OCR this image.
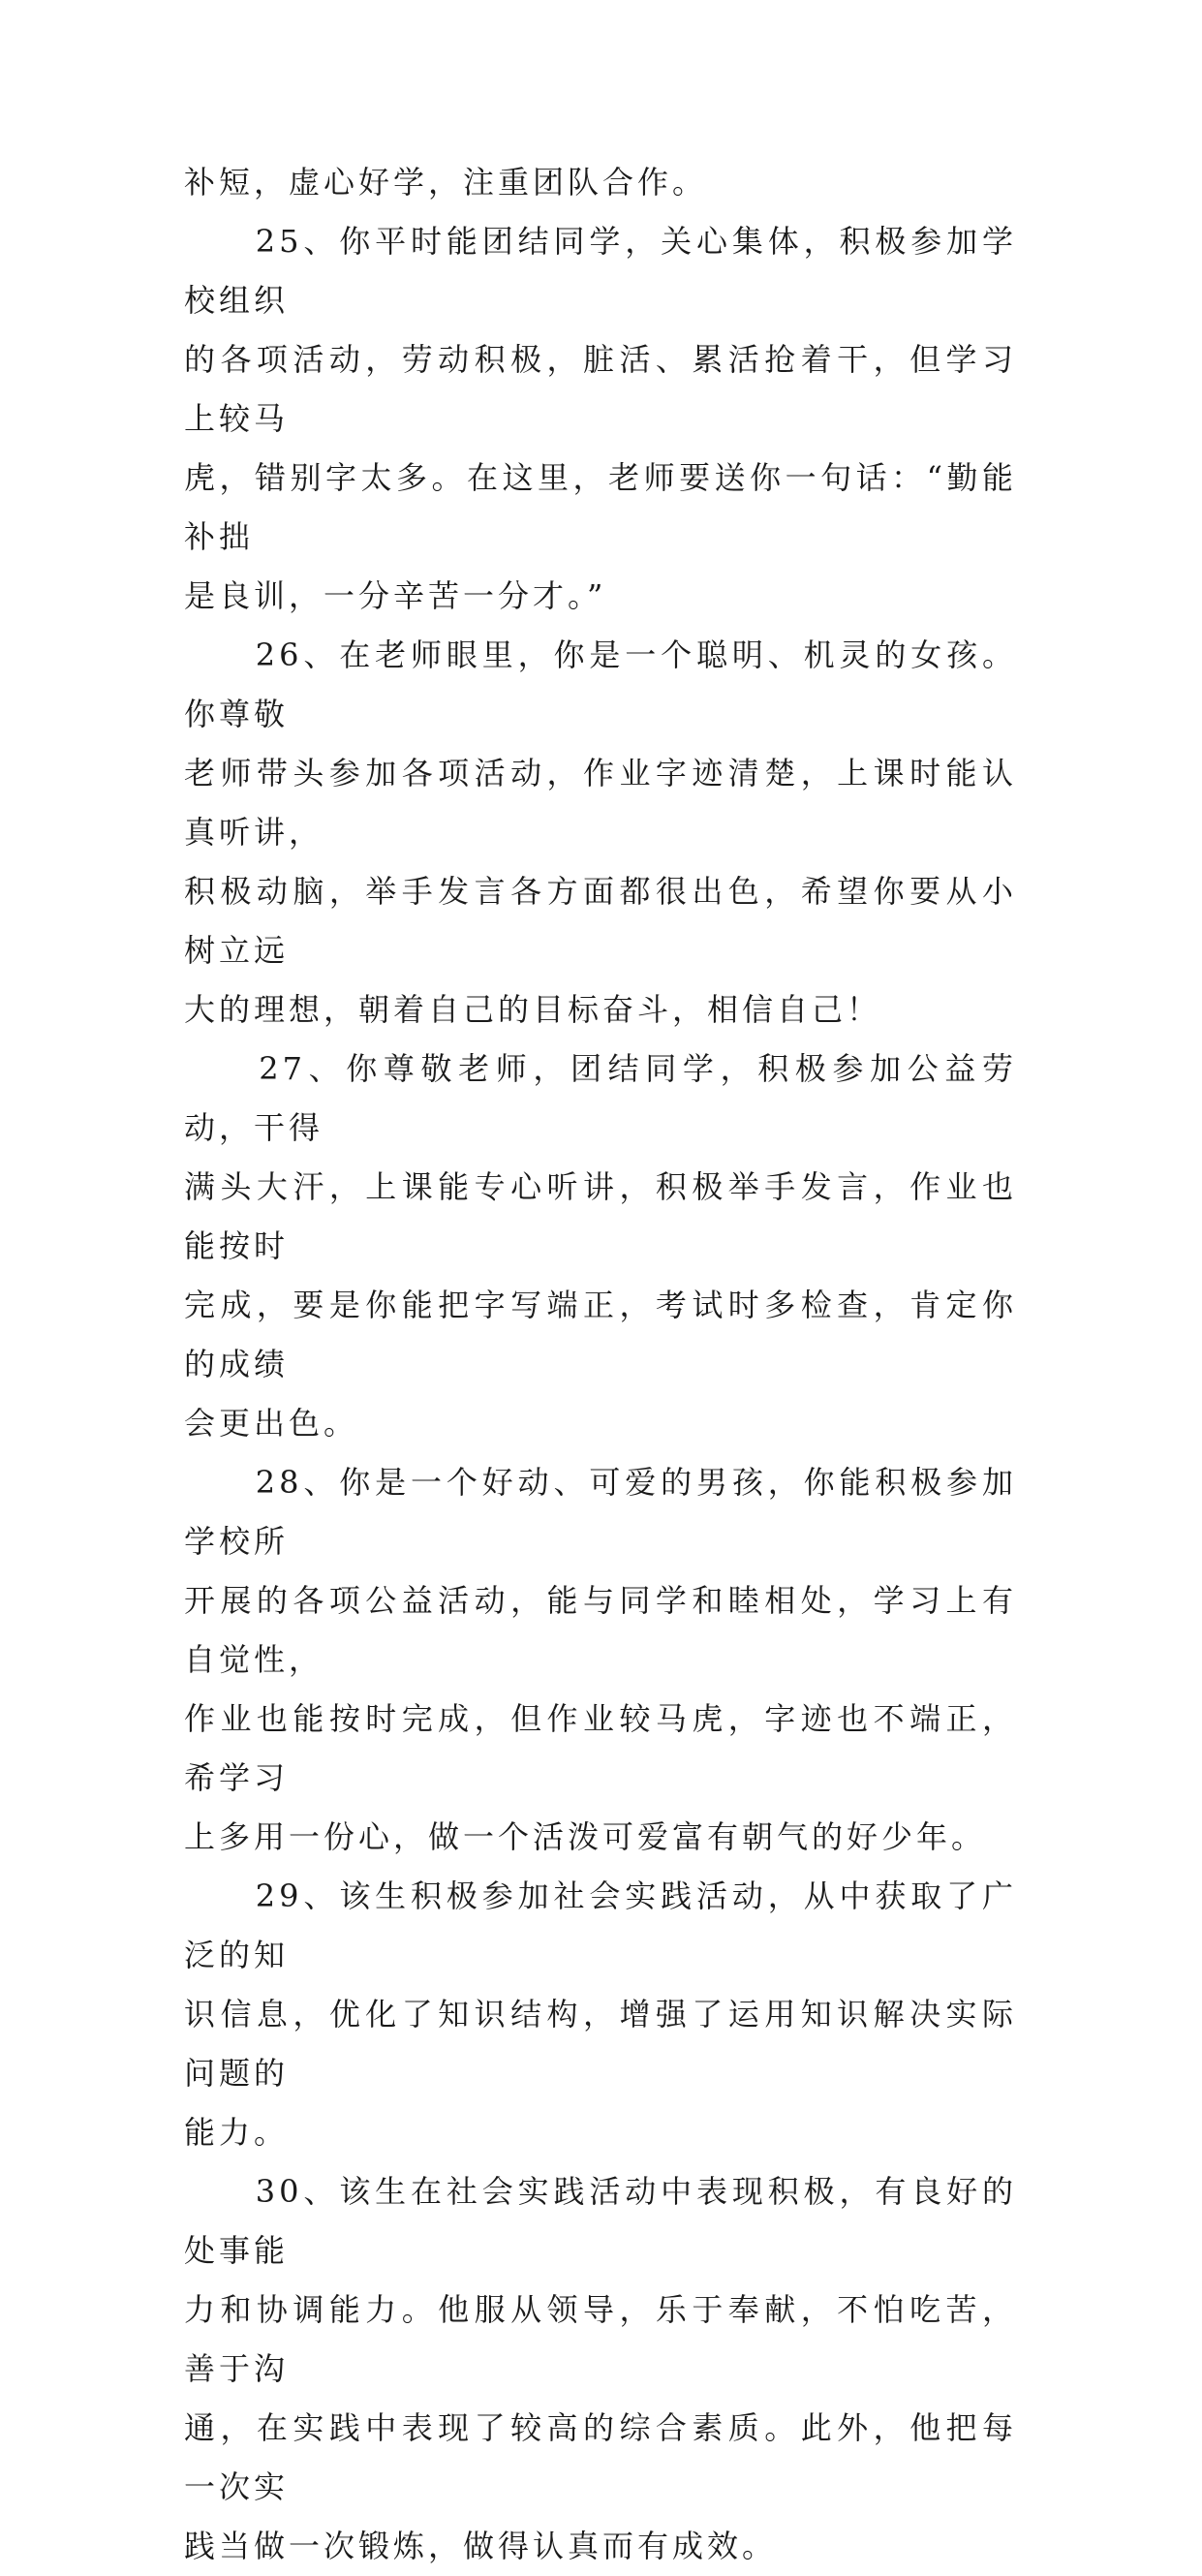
补短，虚心好学，注重团队合作。

　　25、你平时能团结同学，关心集体，积极参加学校组织
的各项活动，劳动积极，脏活、累活抢着干，但学习上较马
虎，错别字太多。在这里，老师要送你一句话：“勤能补拙
是良训，一分辛苦一分才。”

　　26、在老师眼里，你是一个聪明、机灵的女孩。你尊敬
老师带头参加各项活动，作业字迹清楚，上课时能认真听讲，
积极动脑，举手发言各方面都很出色，希望你要从小树立远
大的理想，朝着自己的目标奋斗，相信自己！

　　27、你尊敬老师，团结同学，积极参加公益劳动，干得
满头大汗，上课能专心听讲，积极举手发言，作业也能按时
完成，要是你能把字写端正，考试时多检查，肯定你的成绩
会更出色。

　　28、你是一个好动、可爱的男孩，你能积极参加学校所
开展的各项公益活动，能与同学和睦相处，学习上有自觉性，
作业也能按时完成，但作业较马虎，字迹也不端正，希学习
上多用一份心，做一个活泼可爱富有朝气的好少年。

　　29、该生积极参加社会实践活动，从中获取了广泛的知
识信息，优化了知识结构，增强了运用知识解决实际问题的
能力。

　　30、该生在社会实践活动中表现积极，有良好的处事能
力和协调能力。他服从领导，乐于奉献，不怕吃苦，善于沟
通，在实践中表现了较高的综合素质。此外，他把每一次实
践当做一次锻炼，做得认真而有成效。
